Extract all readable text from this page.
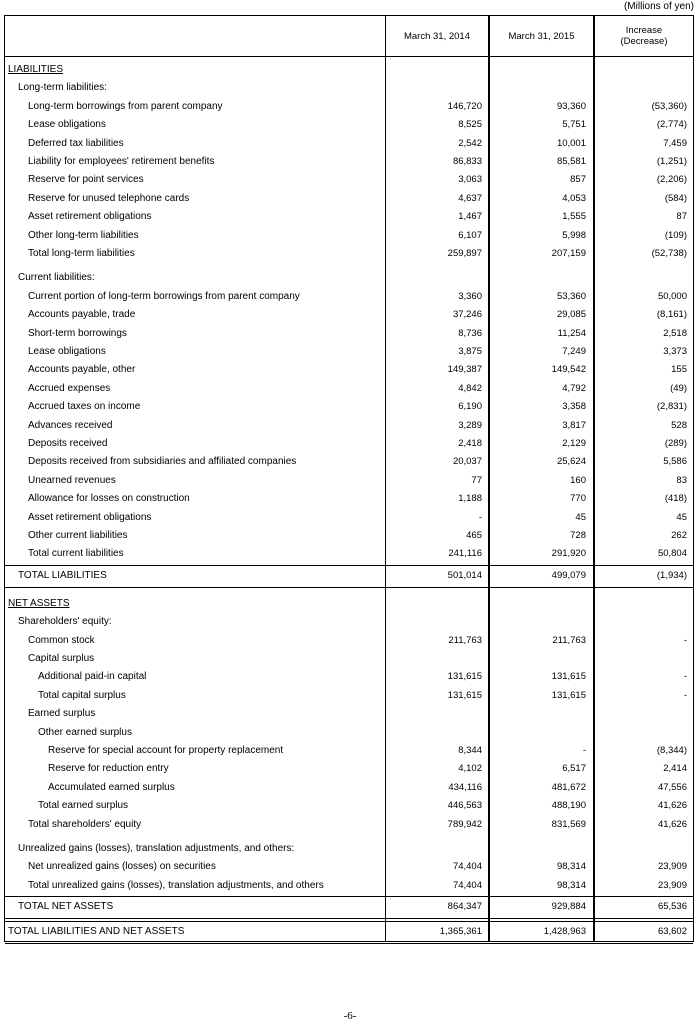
(Millions of yen)
March 31, 2014	March 31, 2015	Increase
(Decrease)
LIABILITIES
Long-term liabilities:
Long-term borrowings from parent company	146,720	93,360	(53,360)
Lease obligations	8,525	5,751	(2,774)
Deferred tax liabilities	2,542	10,001	7,459
Liability for employees' retirement benefits	86,833	85,581	(1,251)
Reserve for point services	3,063	857	(2,206)
Reserve for unused telephone cards	4,637	4,053	(584)
Asset retirement obligations	1,467	1,555	87
Other long-term liabilities	6,107	5,998	(109)
Total long-term liabilities	259,897	207,159	(52,738)
Current liabilities:
Current portion of long-term borrowings from parent company	3,360	53,360	50,000
Accounts payable, trade	37,246	29,085	(8,161)
Short-term borrowings	8,736	11,254	2,518
Lease obligations	3,875	7,249	3,373
Accounts payable, other	149,387	149,542	155
Accrued expenses	4,842	4,792	(49)
Accrued taxes on income	6,190	3,358	(2,831)
Advances received	3,289	3,817	528
Deposits received	2,418	2,129	(289)
Deposits received from subsidiaries and affiliated companies	20,037	25,624	5,586
Unearned revenues	77	160	83
Allowance for losses on construction	1,188	770	(418)
Asset retirement obligations	-	45	45
Other current liabilities	465	728	262
Total current liabilities	241,116	291,920	50,804
TOTAL LIABILITIES	501,014	499,079	(1,934)
NET ASSETS
Shareholders' equity:
Common stock	211,763	211,763	-
Capital surplus
Additional paid-in capital	131,615	131,615	-
Total capital surplus	131,615	131,615	-
Earned surplus
Other earned surplus
Reserve for special account for property replacement	8,344	-	(8,344)
Reserve for reduction entry	4,102	6,517	2,414
Accumulated earned surplus	434,116	481,672	47,556
Total earned surplus	446,563	488,190	41,626
Total shareholders' equity	789,942	831,569	41,626
Unrealized gains (losses), translation adjustments, and others:
Net unrealized gains (losses) on securities	74,404	98,314	23,909
Total unrealized gains (losses), translation adjustments, and others	74,404	98,314	23,909
TOTAL NET ASSETS	864,347	929,884	65,536
TOTAL LIABILITIES AND NET ASSETS	1,365,361	1,428,963	63,602
-6-
